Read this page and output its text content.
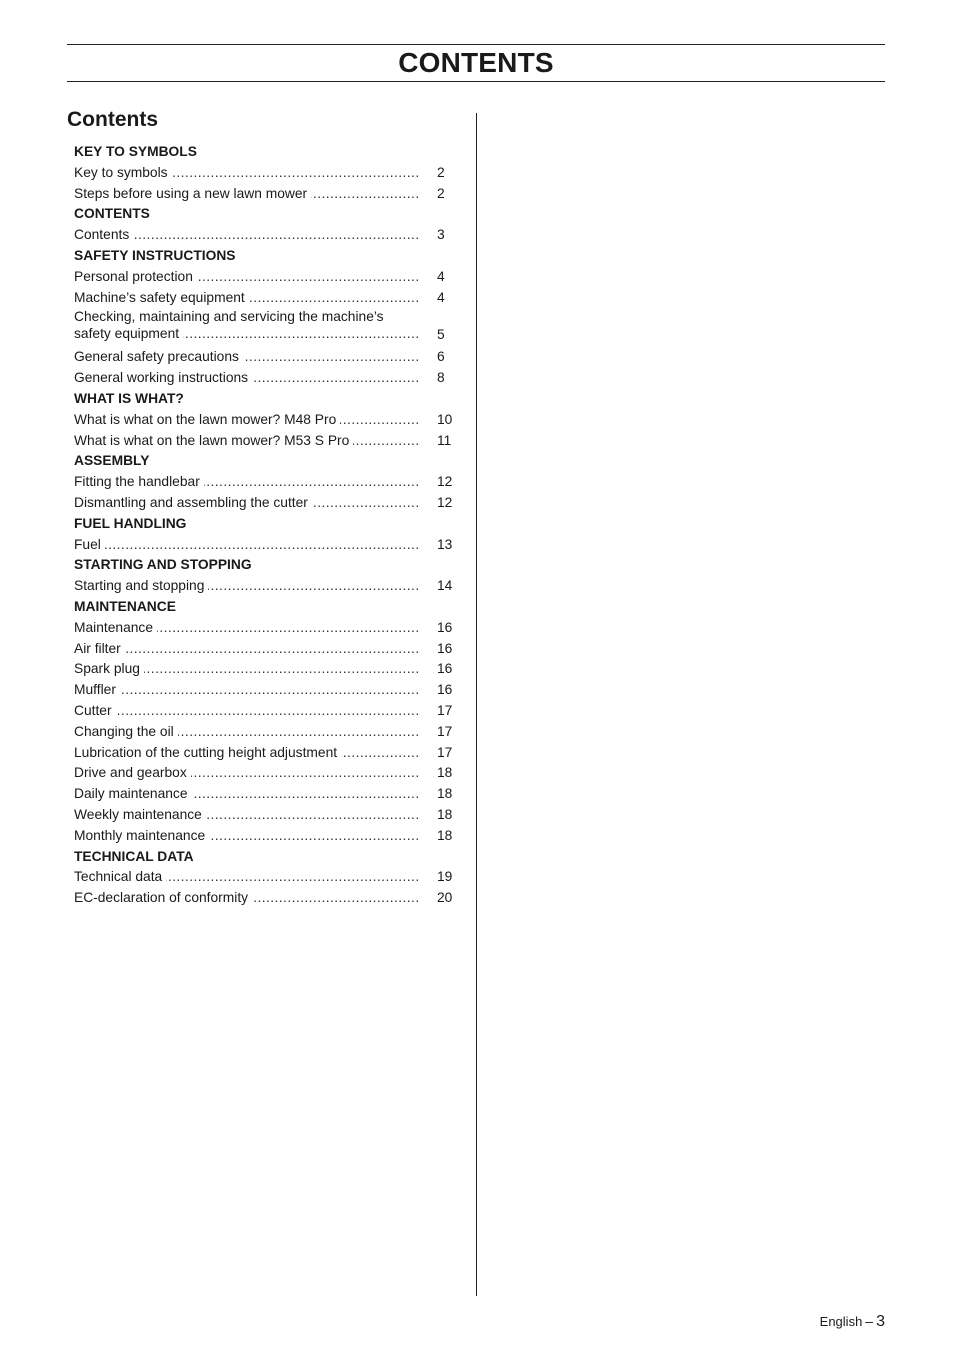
CONTENTS
Contents
KEY TO SYMBOLS
Key to symbols . . .	2
Steps before using a new lawn mower . . .	2
CONTENTS
Contents . . .	3
SAFETY INSTRUCTIONS
Personal protection . . .	4
Machine’s safety equipment . . .	4
Checking, maintaining and servicing the machine’s
safety equipment
. . .	5
General safety precautions . . .	6
General working instructions . . .	8
WHAT IS WHAT?
What is what on the lawn mower? M48 Pro . . .	10
What is what on the lawn mower? M53 S Pro . . .	11
ASSEMBLY
Fitting the handlebar . . .	12
Dismantling and assembling the cutter . . .	12
FUEL HANDLING
Fuel . . .	13
STARTING AND STOPPING
Starting and stopping . . .	14
MAINTENANCE
Maintenance . . .	16
Air filter . . .	16
Spark plug . . .	16
Muffler . . .	16
Cutter . . .	17
Changing the oil . . .	17
Lubrication of the cutting height adjustment . . .	17
Drive and gearbox . . .	18
Daily maintenance . . .	18
Weekly maintenance . . .	18
Monthly maintenance . . .	18
TECHNICAL DATA
Technical data . . .	19
EC-declaration of conformity . . .	20
English – 3
